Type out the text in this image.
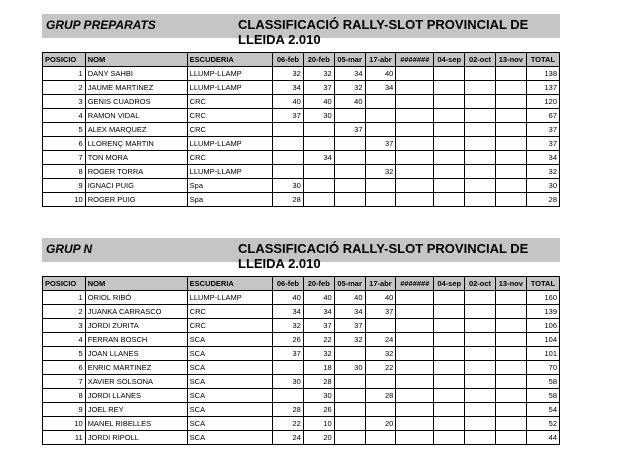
GRUP PREPARATS	CLASSIFICACIÓ RALLY-SLOT PROVINCIAL DE LLEIDA 2.010
POSICIO	NOM	ESCUDERIA	06-feb	20-feb	05-mar	17-abr	#######	04-sep	02-oct	13-nov	TOTAL
1	DANY SAHBI	LLUMP-LLAMP	32	32	34	40					138
2	JAUME MARTINEZ	LLUMP-LLAMP	34	37	32	34					137
3	GENIS CUADROS	CRC	40	40	40						120
4	RAMON VIDAL	CRC	37	30							67
5	ALEX MARQUEZ	CRC			37						37
6	LLORENÇ MARTIN	LLUMP-LLAMP				37					37
7	TON MORA	CRC		34							34
8	ROGER TORRA	LLUMP-LLAMP				32					32
9	IGNACI PUIG	Spa	30								30
10	ROGER PUIG	Spa	28								28
GRUP N	CLASSIFICACIÓ RALLY-SLOT PROVINCIAL DE LLEIDA 2.010
POSICIO	NOM	ESCUDERIA	06-feb	20-feb	05-mar	17-abr	#######	04-sep	02-oct	13-nov	TOTAL
1	ORIOL RIBÓ	LLUMP-LLAMP	40	40	40	40					160
2	JUANKA CARRASCO	CRC	34	34	34	37					139
3	JORDI ZURITA	CRC	32	37	37						106
4	FERRAN BOSCH	SCA	26	22	32	24					104
5	JOAN LLANES	SCA	37	32		32					101
6	ENRIC MARTINEZ	SCA		18	30	22					70
7	XAVIER SOLSONA	SCA	30	28							58
8	JORDI LLANES	SCA		30		28					58
9	JOEL REY	SCA	28	26							54
10	MANEL RIBELLES	SCA	22	10		20					52
11	JORDI RIPOLL	SCA	24	20							44
